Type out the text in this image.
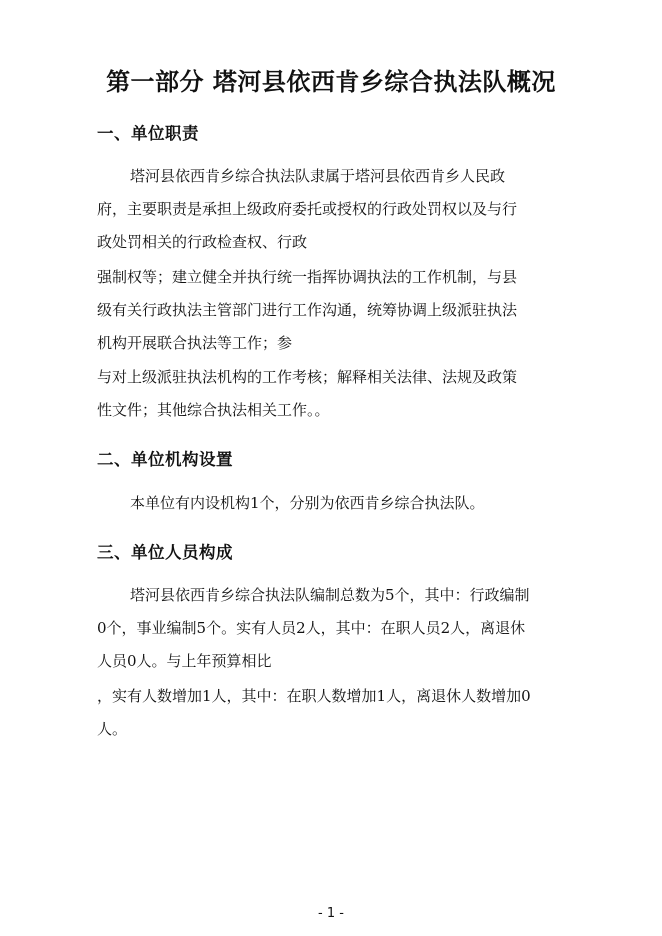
第一部分 塔河县依西肯乡综合执法队概况
一、单位职责

塔河县依西肯乡综合执法队隶属于塔河县依西肯乡人民政

府，主要职责是承担上级政府委托或授权的行政处罚权以及与行

政处罚相关的行政检查权、行政

强制权等；建立健全并执行统一指挥协调执法的工作机制，与县

级有关行政执法主管部门进行工作沟通，统筹协调上级派驻执法

机构开展联合执法等工作；参

与对上级派驻执法机构的工作考核；解释相关法律、法规及政策

性文件；其他综合执法相关工作。。

二、单位机构设置

本单位有内设机构1个，分别为依西肯乡综合执法队。

三、单位人员构成

塔河县依西肯乡综合执法队编制总数为5个，其中：行政编制

0个，事业编制5个。实有人员2人，其中：在职人员2人，离退休

人员0人。与上年预算相比

，实有人数增加1人，其中：在职人数增加1人，离退休人数增加0

人。

- 1 -
